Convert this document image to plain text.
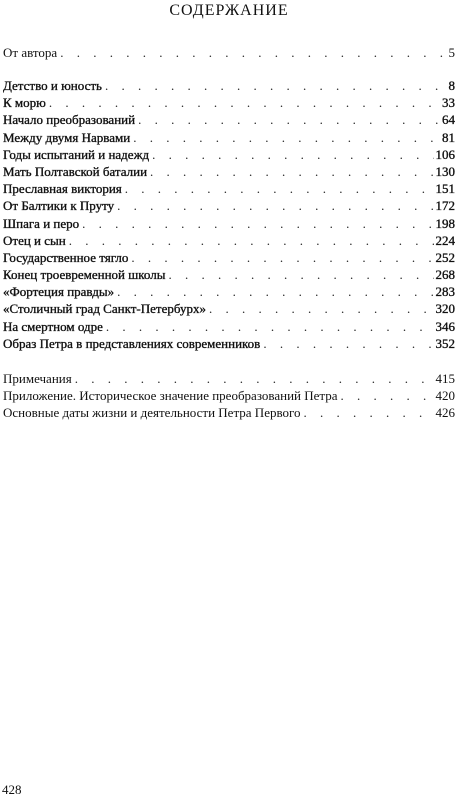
СОДЕРЖАНИЕ
От автора . . .	5
Детство и юность . . .	8
К морю . . .	33
Начало преобразований . . .	64
Между двумя Нарвами . . .	81
Годы испытаний и надежд . . .	106
Мать Полтавской баталии . . .	130
Преславная виктория . . .	151
От Балтики к Пруту . . .	172
Шпага и перо . . .	198
Отец и сын . . .	224
Государственное тягло . . .	252
Конец троевременной школы . . .	268
«Фортеция правды» . . .	283
«Столичный град Санкт-Петербурх» . . .	320
На смертном одре . . .	346
Образ Петра в представлениях современников . . .	352
Примечания . . .	415
Приложение. Историческое значение преобразований Петра . . .	420
Основные даты жизни и деятельности Петра Первого . . .	426
428
